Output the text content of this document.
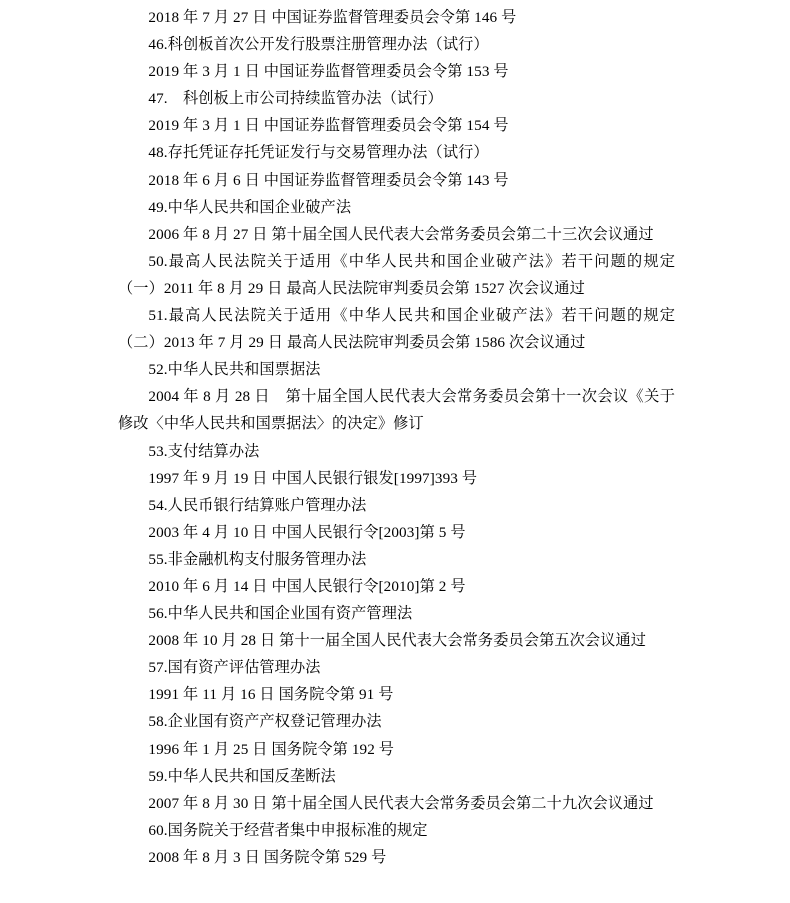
2018 年 7 月 27 日 中国证券监督管理委员会令第 146 号

46.科创板首次公开发行股票注册管理办法（试行）

2019 年 3 月 1 日 中国证券监督管理委员会令第 153 号

47.　科创板上市公司持续监管办法（试行）

2019 年 3 月 1 日 中国证券监督管理委员会令第 154 号

48.存托凭证存托凭证发行与交易管理办法（试行）

2018 年 6 月 6 日 中国证券监督管理委员会令第 143 号

49.中华人民共和国企业破产法

2006 年 8 月 27 日 第十届全国人民代表大会常务委员会第二十三次会议通过

50.最高人民法院关于适用《中华人民共和国企业破产法》若干问题的规定（一）2011 年 8 月 29 日 最高人民法院审判委员会第 1527 次会议通过

51.最高人民法院关于适用《中华人民共和国企业破产法》若干问题的规定（二）2013 年 7 月 29 日 最高人民法院审判委员会第 1586 次会议通过

52.中华人民共和国票据法

2004 年 8 月 28 日　第十届全国人民代表大会常务委员会第十一次会议《关于修改〈中华人民共和国票据法〉的决定》修订

53.支付结算办法

1997 年 9 月 19 日 中国人民银行银发[1997]393 号

54.人民币银行结算账户管理办法

2003 年 4 月 10 日 中国人民银行令[2003]第 5 号

55.非金融机构支付服务管理办法

2010 年 6 月 14 日 中国人民银行令[2010]第 2 号

56.中华人民共和国企业国有资产管理法

2008 年 10 月 28 日 第十一届全国人民代表大会常务委员会第五次会议通过

57.国有资产评估管理办法

1991 年 11 月 16 日 国务院令第 91 号

58.企业国有资产产权登记管理办法

1996 年 1 月 25 日 国务院令第 192 号

59.中华人民共和国反垄断法

2007 年 8 月 30 日 第十届全国人民代表大会常务委员会第二十九次会议通过

60.国务院关于经营者集中申报标准的规定

2008 年 8 月 3 日 国务院令第 529 号
